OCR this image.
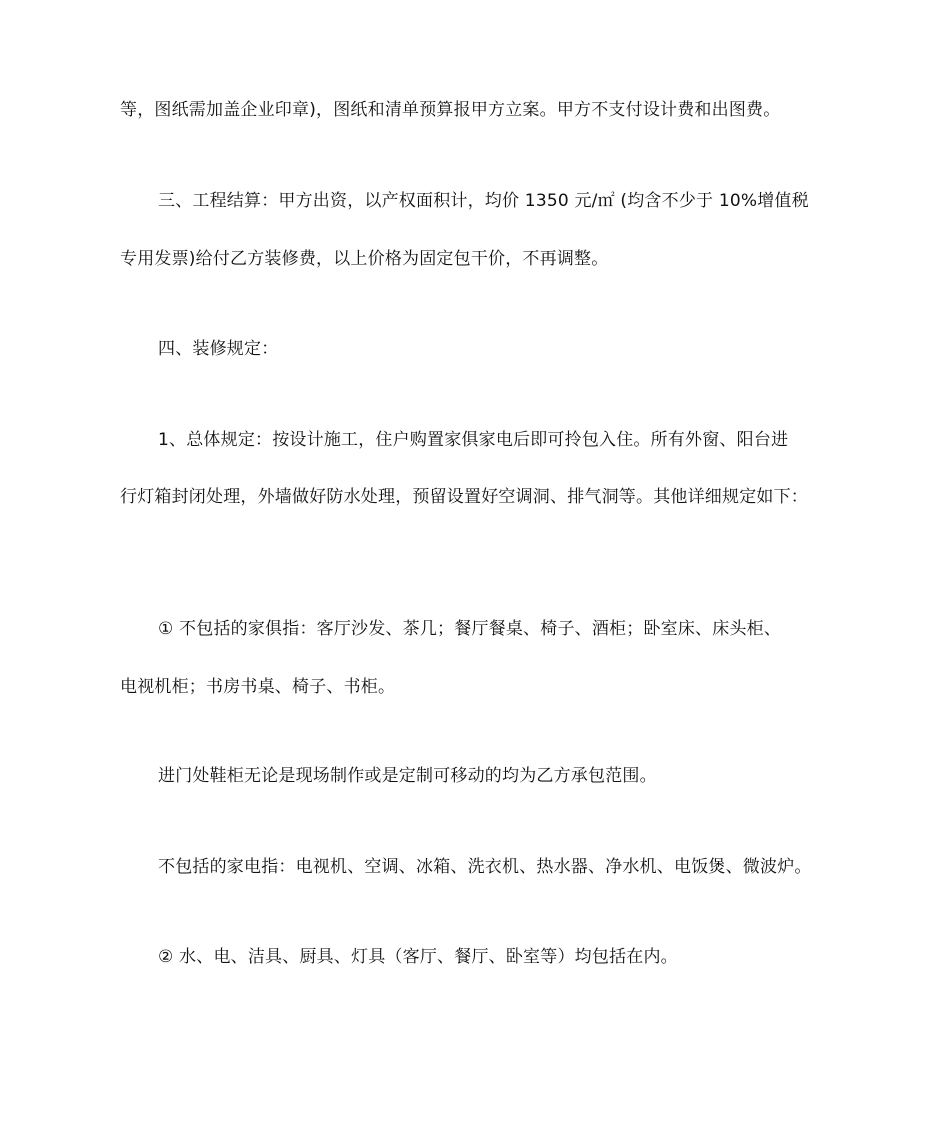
等，图纸需加盖企业印章)，图纸和清单预算报甲方立案。甲方不支付设计费和出图费。
三、工程结算：甲方出资，以产权面积计，均价 1350 元/㎡ (均含不少于 10%增值税
专用发票)给付乙方装修费，以上价格为固定包干价，不再调整。
四、装修规定：
1、总体规定：按设计施工，住户购置家俱家电后即可拎包入住。所有外窗、阳台进
行灯箱封闭处理，外墙做好防水处理，预留设置好空调洞、排气洞等。其他详细规定如下：
① 不包括的家俱指：客厅沙发、茶几；餐厅餐桌、椅子、酒柜；卧室床、床头柜、
电视机柜；书房书桌、椅子、书柜。
进门处鞋柜无论是现场制作或是定制可移动的均为乙方承包范围。
不包括的家电指：电视机、空调、冰箱、洗衣机、热水器、净水机、电饭煲、微波炉。
② 水、电、洁具、厨具、灯具（客厅、餐厅、卧室等）均包括在内。
